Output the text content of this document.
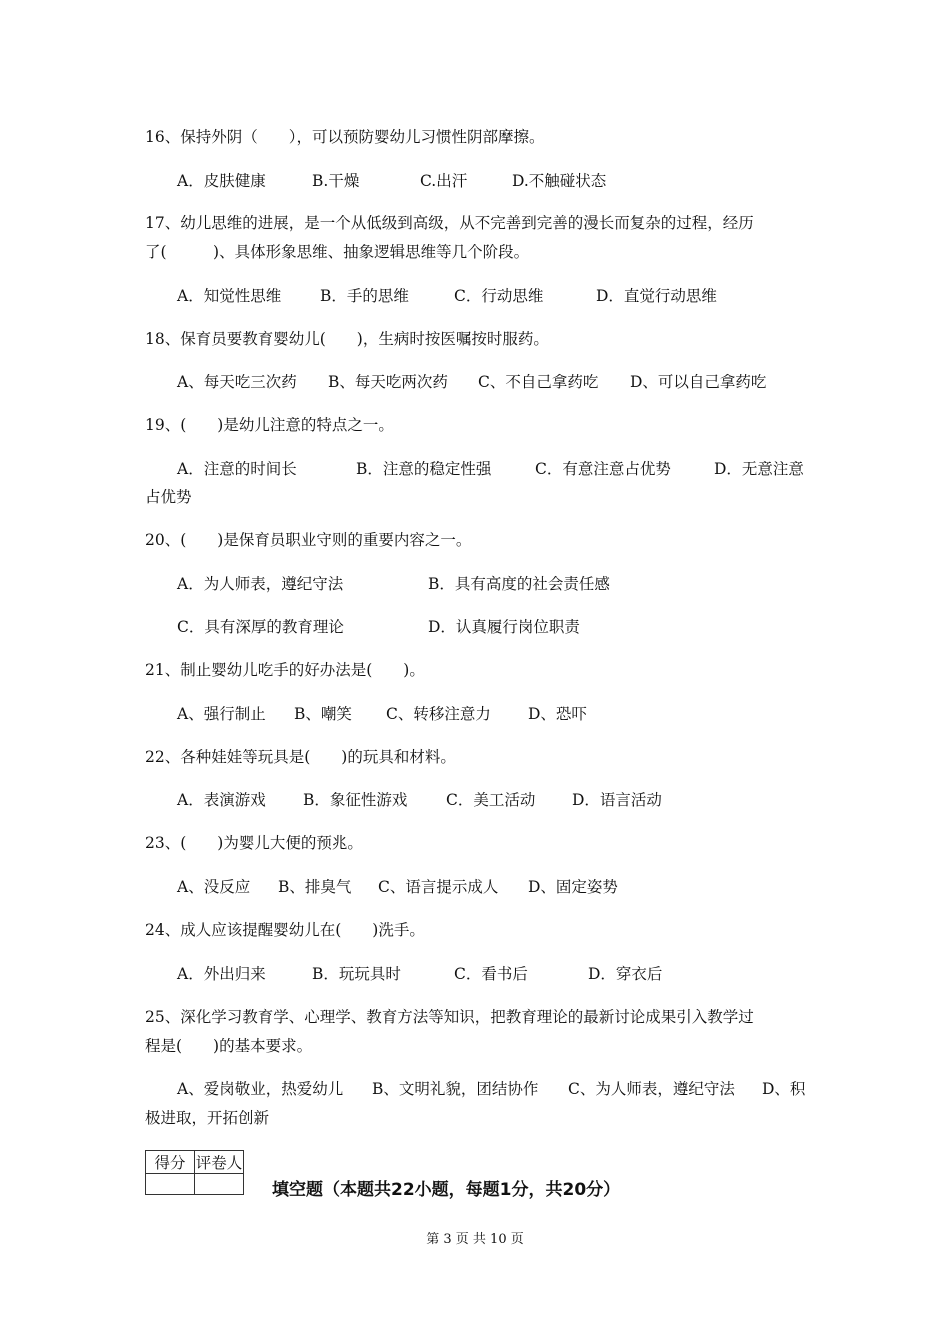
16、保持外阴（　　），可以预防婴幼儿习惯性阴部摩擦。
A．皮肤健康	B.干燥	C.出汗	D.不触碰状态
17、幼儿思维的进展，是一个从低级到高级，从不完善到完善的漫长而复杂的过程，经历
了(　　　)、具体形象思维、抽象逻辑思维等几个阶段。
A．知觉性思维	B．手的思维	C．行动思维	D．直觉行动思维
18、保育员要教育婴幼儿(　　)，生病时按医嘱按时服药。
A、每天吃三次药 B、每天吃两次药 C、不自己拿药吃 D、可以自己拿药吃
19、(　　)是幼儿注意的特点之一。
A．注意的时间长	B．注意的稳定性强	C．有意注意占优势	D．无意注意
占优势
20、(　　)是保育员职业守则的重要内容之一。
A．为人师表，遵纪守法	B．具有高度的社会责任感
C．具有深厚的教育理论	D．认真履行岗位职责
21、制止婴幼儿吃手的好办法是(　　)。
A、强行制止 B、嘲笑 C、转移注意力 D、恐吓
22、各种娃娃等玩具是(　　)的玩具和材料。
A．表演游戏 B．象征性游戏 C．美工活动 D．语言活动
23、(　　)为婴儿大便的预兆。
A、没反应 B、排臭气 C、语言提示成人 D、固定姿势
24、成人应该提醒婴幼儿在(　　)洗手。
A．外出归来	B．玩玩具时	C．看书后	D．穿衣后
25、深化学习教育学、心理学、教育方法等知识，把教育理论的最新讨论成果引入教学过
程是(　　)的基本要求。
A、爱岗敬业，热爱幼儿 B、文明礼貌，团结协作 C、为人师表，遵纪守法 D、积
极进取，开拓创新
得分	评卷人

填空题（本题共22小题，每题1分，共20分）
第 3 页 共 10 页
